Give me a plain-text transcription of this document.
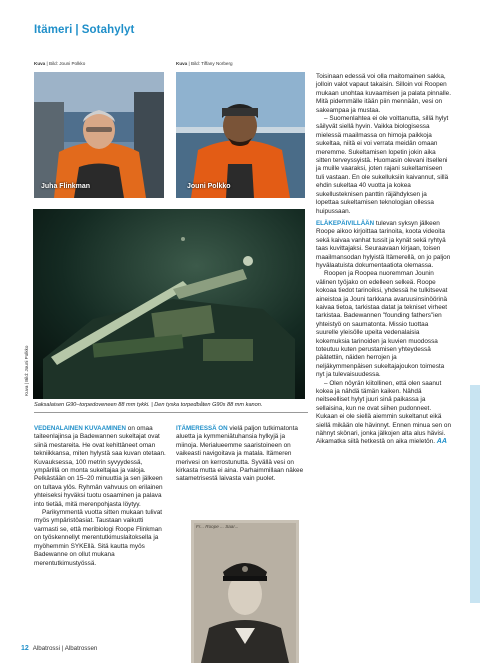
Itämeri | Sotahylyt
Kuva | Bild: Jouni Polkko	Kuva | Bild: Tiffany Norberg
Juha Flinkman	Jouni Polkko
Kuva | Bild: Jouni Polkko
Saksalaisen G90–torpedoveneen 88 mm tykki. | Den tyska torpedbåten G90s 88 mm kanon.

VEDENALAINEN KUVAAMINEN on omaa taiteenlajinsa ja Badewannen sukeltajat ovat siinä mestareita. He ovat kehittäneet oman tekniikkansa, miten hylystä saa kuvan otetaan. Kuvauksessa, 100 metrin syvyydessä, ympärillä on monta sukeltajaa ja valoja. Pelkästään on 15–20 minuuttia ja sen jälkeen on tultava ylös. Ryhmän vahvuus on erilainen yhteiseksi hyväksi tuotu osaaminen ja palava into tietää, mitä merenpohjasta löytyy.

Parikymmentä vuotta sitten mukaan tulivat myös ympäristöasiat. Taustaan vaikutti varmasti se, että meribiologi Roope Flinkman on työskennellyt merentutkimuslaitoksella ja myöhemmin SYKEllä. Sitä kautta myös Badewanne on ollut mukana merentutkimustyössä.

ITÄMERESSÄ ON vielä paljon tutkimatonta aluetta ja kymmeniätuhansia hylkyjä ja miinoja. Merialueemme saaristoineen on vaikeasti navigoitava ja matala. Itämeren merivesi on kerrostunutta. Syvällä vesi on kirkasta mutta ei aina. Parhaimmillaan näkee satametrisestä laivasta vain puolet.

Fr... Roope ... Saar...

Toisinaan edessä voi olla maitomainen sakka, jolloin valot vapaut takaisin. Silloin voi Roopen mukaan unohtaa kuvaamisen ja palata pinnalle. Mitä pidemmälle itään piin mennään, vesi on sakeampaa ja mustaa.

– Suomenlahtea ei ole voittanutta, sillä hylyt säilyvät siellä hyvin. Vaikka biologisessa mielessä maailmassa on himoja paikkoja sukeltaa, niitä ei voi verrata meidän omaan meremme. Sukeltamisen lopetin jokin aika sitten terveyssyistä. Huomasin olevani itselleni ja muille vaaraksi, joten rajani sukeltamiseen tuli vastaan. En ole sukelluksiin kaivannut, sillä ehdin sukeltaa 40 vuotta ja kokea sukellusteknisen panttin räjähdyksen ja lopettaa sukeltamisen teknologian ollessa huipussaan.

ELÄKEPÄIVILLÄÄN tulevan syksyn jälkeen Roope aikoo kirjoittaa tarinoita, koota videoita sekä kaivaa vanhat tussit ja kynät sekä ryhtyä taas kuvittajaksi. Seuraavaan kirjaan, toisen maailmansodan hylyistä Itämerellä, on jo paljon hyvälaatuista dokumentaatiota olemassa.

Roopen ja Roopea nuoremman Jounin välinen työjako on edelleen selkeä. Roope kokoaa tiedot tarinoiksi, yhdessä he tulkitsevat aineistoa ja Jouni tarkkana avaruusinsinöörinä kaivaa tietoa, tarkistaa datat ja tekniset virheet tarkistaa. Badewannen "founding fathers"ien yhteistyö on saumatonta. Missio tuottaa suurelle yleisölle upeita vedenalaisia kokemuksia tarinoiden ja kuvien muodossa toteutuu kuten perustamisen yhteydessä päätettiin, näiden herrojen ja neljäkymmenpäisen sukeltajajoukon toimesta nyt ja tulevaisuudessa.

– Olen nöyrän kiitollinen, että olen saanut kokea ja nähdä tämän kaiken. Nähdä neitseelliset hylyt juuri sinä paikassa ja sellaisina, kun ne ovat siihen pudonneet. Kukaan ei ole siellä aiemmin sukeltanut eikä siellä mikään ole hävinnyt. Ennen minua sen on nähnyt skönari, jonka jälkojen alta alus hävisi. Aikamatka siitä hetkestä on aika mieletön. AA

12 Albatrossi | Albatrossen
